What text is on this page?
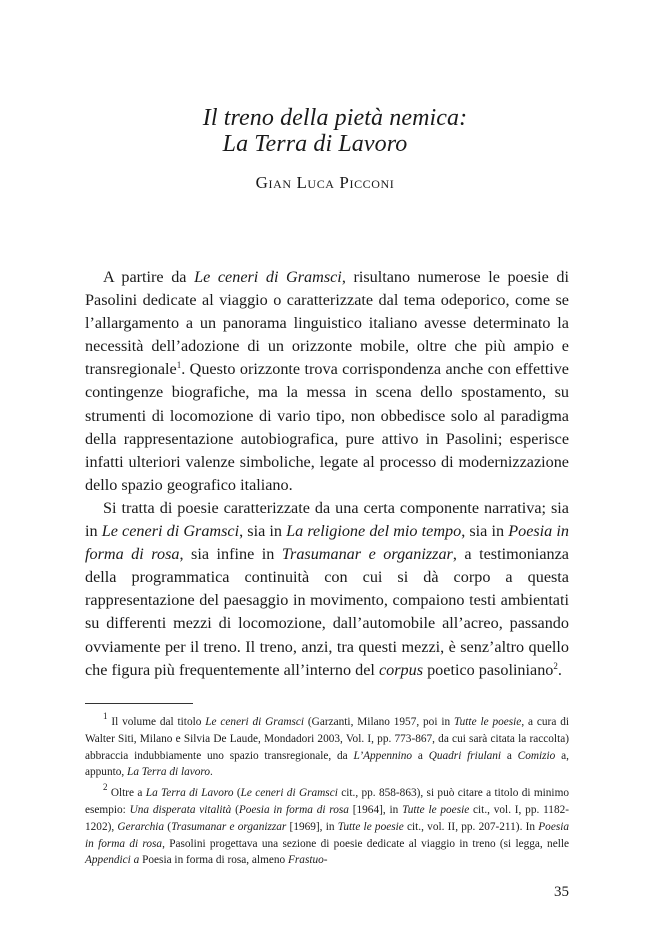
Il treno della pietà nemica:
La Terra di Lavoro
Gian Luca Picconi

A partire da Le ceneri di Gramsci, risultano numerose le poesie di Pasolini dedicate al viaggio o caratterizzate dal tema odeporico, come se l’allargamento a un panorama linguistico italiano avesse determinato la necessità dell’adozione di un orizzonte mobile, oltre che più ampio e transregionale$^1$. Questo orizzonte trova corrispondenza anche con effettive contingenze biografiche, ma la messa in scena dello spostamento, su strumenti di locomozione di vario tipo, non obbedisce solo al paradigma della rappresentazione autobiografica, pure attivo in Pasolini; esperisce infatti ulteriori valenze simboliche, legate al processo di modernizzazione dello spazio geografico italiano.

Si tratta di poesie caratterizzate da una certa componente narrativa; sia in Le ceneri di Gramsci, sia in La religione del mio tempo, sia in Poesia in forma di rosa, sia infine in Trasumanar e organizzar, a testimonianza della programmatica continuità con cui si dà corpo a questa rappresentazione del paesaggio in movimento, compaiono testi ambientati su differenti mezzi di locomozione, dall’automobile all’acreo, passando ovviamente per il treno. Il treno, anzi, tra questi mezzi, è senz’altro quello che figura più frequentemente all’interno del corpus poetico pasoliniano$^2$.

$^1$ Il volume dal titolo Le ceneri di Gramsci (Garzanti, Milano 1957, poi in Tutte le poesie, a cura di Walter Siti, Milano e Silvia De Laude, Mondadori 2003, Vol. I, pp. 773-867, da cui sarà citata la raccolta) abbraccia indubbiamente uno spazio transregionale, da L’Appennino a Quadri friulani a Comizio a, appunto, La Terra di lavoro.

$^2$ Oltre a La Terra di Lavoro (Le ceneri di Gramsci cit., pp. 858-863), si può citare a titolo di minimo esempio: Una disperata vitalità (Poesia in forma di rosa [1964], in Tutte le poesie cit., vol. I, pp. 1182-1202), Gerarchia (Trasumanar e organizzar [1969], in Tutte le poesie cit., vol. II, pp. 207-211). In Poesia in forma di rosa, Pasolini progettava una sezione di poesie dedicate al viaggio in treno (si legga, nelle Appendici a Poesia in forma di rosa, almeno Frastuo-

35
